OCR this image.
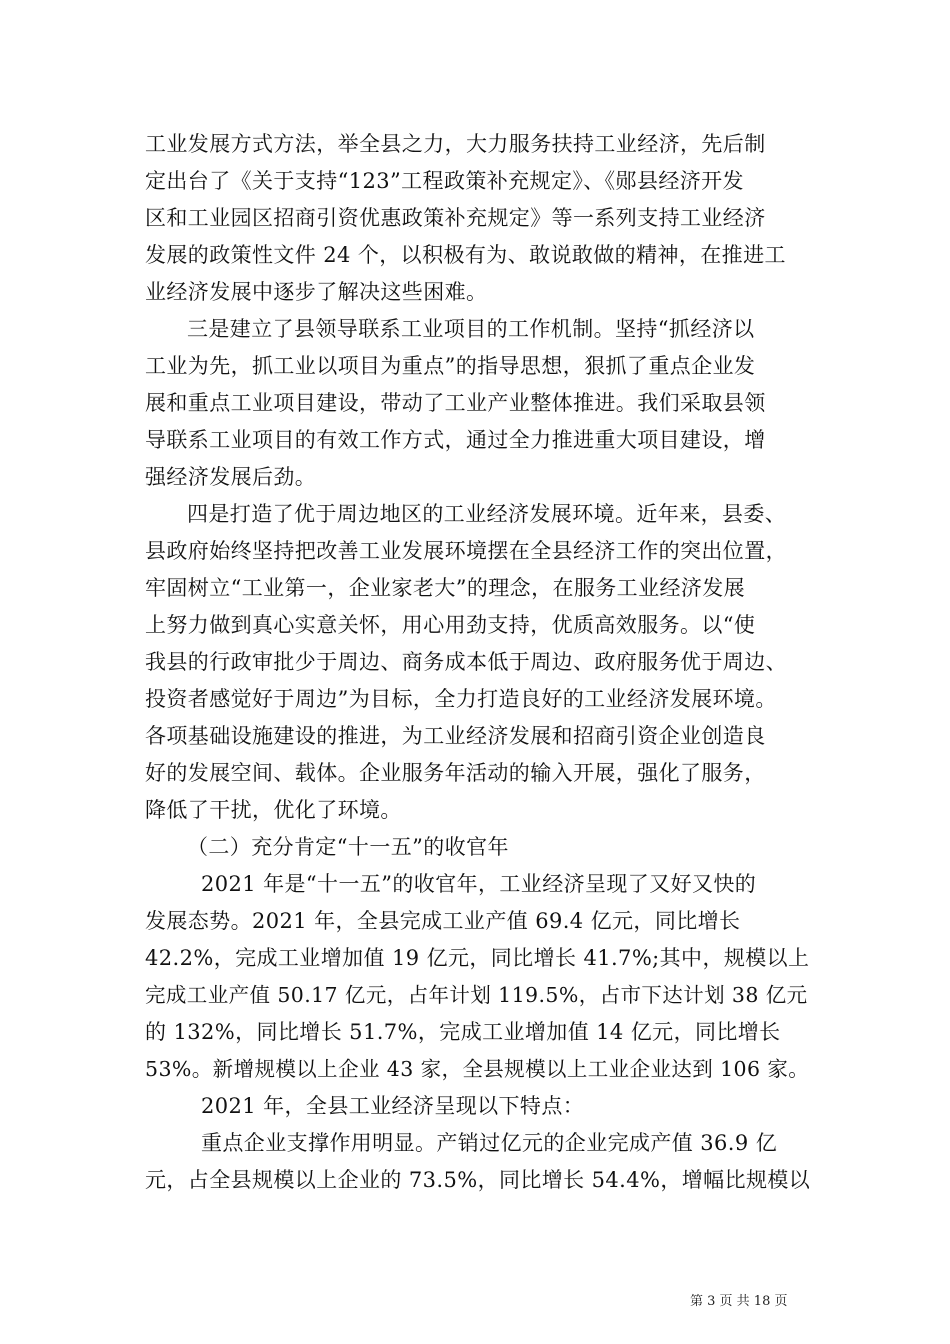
工业发展方式方法，举全县之力，大力服务扶持工业经济，先后制
定出台了《关于支持“123”工程政策补充规定》、《郧县经济开发
区和工业园区招商引资优惠政策补充规定》等一系列支持工业经济
发展的政策性文件 24 个，以积极有为、敢说敢做的精神，在推进工
业经济发展中逐步了解决这些困难。
三是建立了县领导联系工业项目的工作机制。坚持“抓经济以
工业为先，抓工业以项目为重点”的指导思想，狠抓了重点企业发
展和重点工业项目建设，带动了工业产业整体推进。我们采取县领
导联系工业项目的有效工作方式，通过全力推进重大项目建设，增
强经济发展后劲。
四是打造了优于周边地区的工业经济发展环境。近年来，县委、
县政府始终坚持把改善工业发展环境摆在全县经济工作的突出位置，
牢固树立“工业第一，企业家老大”的理念，在服务工业经济发展
上努力做到真心实意关怀，用心用劲支持，优质高效服务。以“使
我县的行政审批少于周边、商务成本低于周边、政府服务优于周边、
投资者感觉好于周边”为目标，全力打造良好的工业经济发展环境。
各项基础设施建设的推进，为工业经济发展和招商引资企业创造良
好的发展空间、载体。企业服务年活动的输入开展，强化了服务，
降低了干扰，优化了环境。
（二）充分肯定“十一五”的收官年
2021 年是“十一五”的收官年，工业经济呈现了又好又快的
发展态势。2021 年，全县完成工业产值 69.4 亿元，同比增长
42.2%，完成工业增加值 19 亿元，同比增长 41.7%;其中，规模以上
完成工业产值 50.17 亿元，占年计划 119.5%，占市下达计划 38 亿元
的 132%，同比增长 51.7%，完成工业增加值 14 亿元，同比增长
53%。新增规模以上企业 43 家，全县规模以上工业企业达到 106 家。
2021 年，全县工业经济呈现以下特点：
重点企业支撑作用明显。产销过亿元的企业完成产值 36.9 亿
元，占全县规模以上企业的 73.5%，同比增长 54.4%，增幅比规模以
第 3 页 共 18 页
